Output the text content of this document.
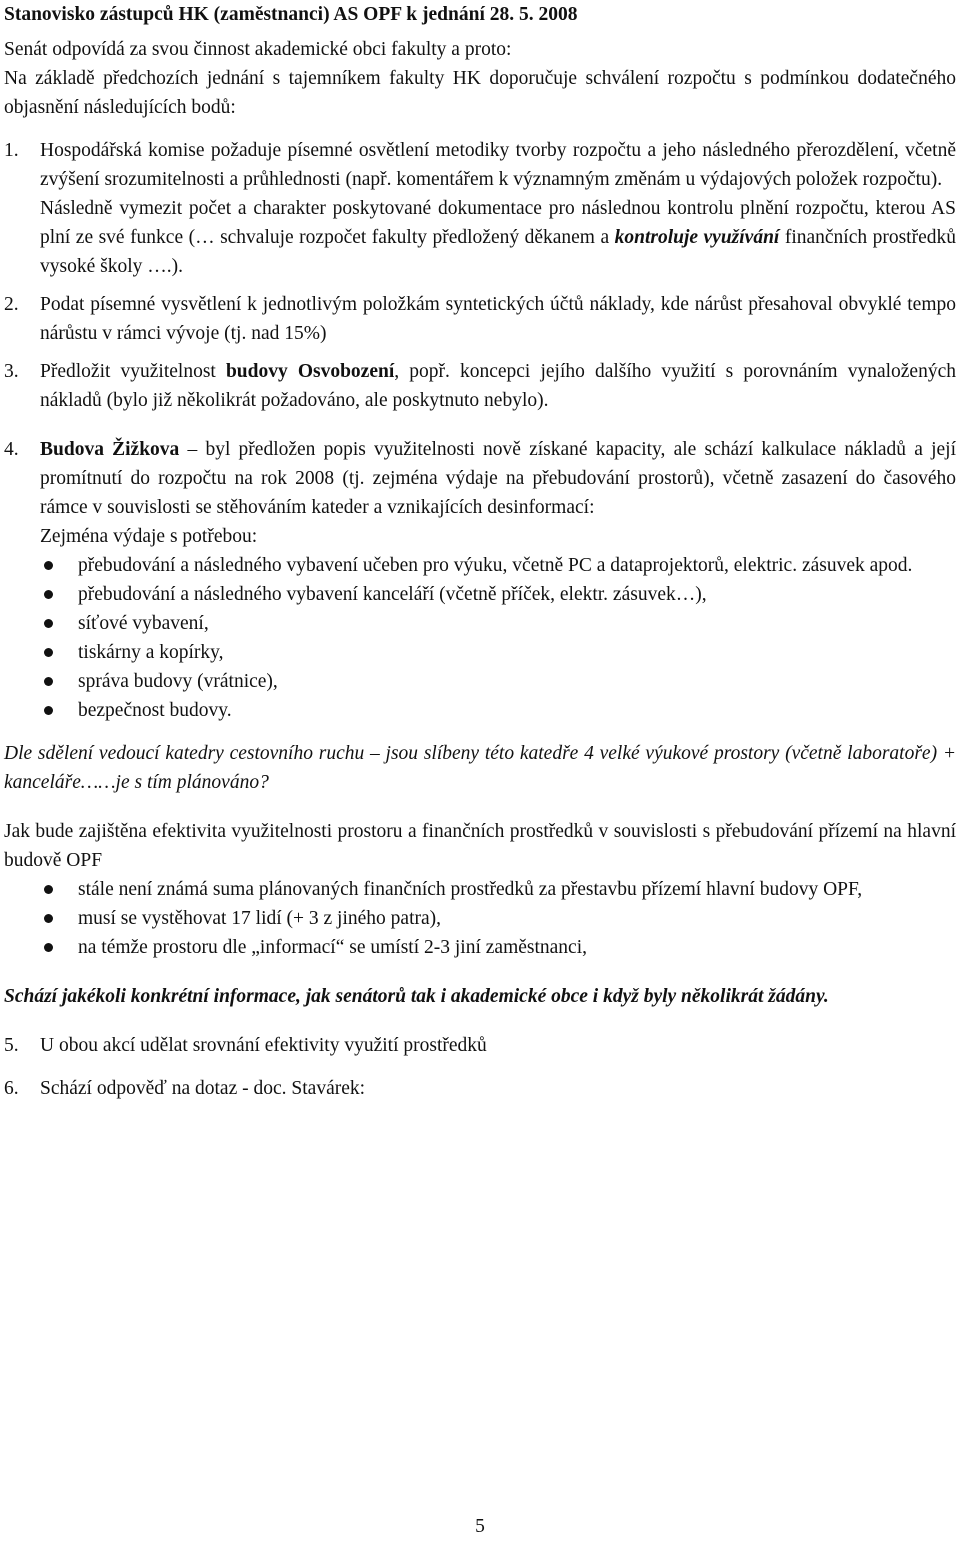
Stanovisko zástupců HK (zaměstnanci) AS OPF k jednání 28. 5. 2008

Senát odpovídá za svou činnost akademické obci fakulty a proto:

Na základě předchozích jednání s tajemníkem fakulty HK doporučuje schválení rozpočtu s podmínkou dodatečného objasnění následujících bodů:

1.	Hospodářská komise požaduje písemné osvětlení metodiky tvorby rozpočtu a jeho následného přerozdělení, včetně zvýšení srozumitelnosti a průhlednosti (např. komentářem k významným změnám u výdajových položek rozpočtu).

Následně vymezit počet a charakter poskytované dokumentace pro následnou kontrolu plnění rozpočtu, kterou AS plní ze své funkce (… schvaluje rozpočet fakulty předložený děkanem a kontroluje využívání finančních prostředků vysoké školy ….).

2.	Podat písemné vysvětlení k jednotlivým položkám syntetických účtů náklady, kde nárůst přesahoval obvyklé tempo nárůstu v rámci vývoje (tj. nad 15%)

3.	Předložit využitelnost budovy Osvobození, popř. koncepci jejího dalšího využití s porovnáním vynaložených nákladů (bylo již několikrát požadováno, ale poskytnuto nebylo).

4.	Budova Žižkova – byl předložen popis využitelnosti nově získané kapacity, ale schází kalkulace nákladů a její promítnutí do rozpočtu na rok 2008 (tj. zejména výdaje na přebudování prostorů), včetně zasazení do časového rámce v souvislosti se stěhováním kateder a vznikajících desinformací:

Zejména výdaje s potřebou:

přebudování a následného vybavení učeben pro výuku, včetně PC a dataprojektorů, elektric. zásuvek apod.
přebudování a následného vybavení kanceláří (včetně příček, elektr. zásuvek…),
síťové vybavení,
tiskárny a kopírky,
správa budovy (vrátnice),
bezpečnost budovy.

Dle sdělení vedoucí katedry cestovního ruchu – jsou slíbeny této katedře 4 velké výukové prostory (včetně laboratoře) + kanceláře……je s tím plánováno?

Jak bude zajištěna efektivita využitelnosti prostoru a finančních prostředků v souvislosti s přebudování přízemí na hlavní budově OPF

stále není známá suma plánovaných finančních prostředků za přestavbu přízemí hlavní budovy OPF,
musí se vystěhovat 17 lidí (+ 3 z jiného patra),
na témže prostoru dle „informací“ se umístí 2-3 jiní zaměstnanci,

Schází jakékoli konkrétní informace, jak senátorů tak i akademické obce i když byly několikrát žádány.

5.	U obou akcí udělat srovnání efektivity využití prostředků

6.	Schází odpověď na dotaz - doc. Stavárek:

5
